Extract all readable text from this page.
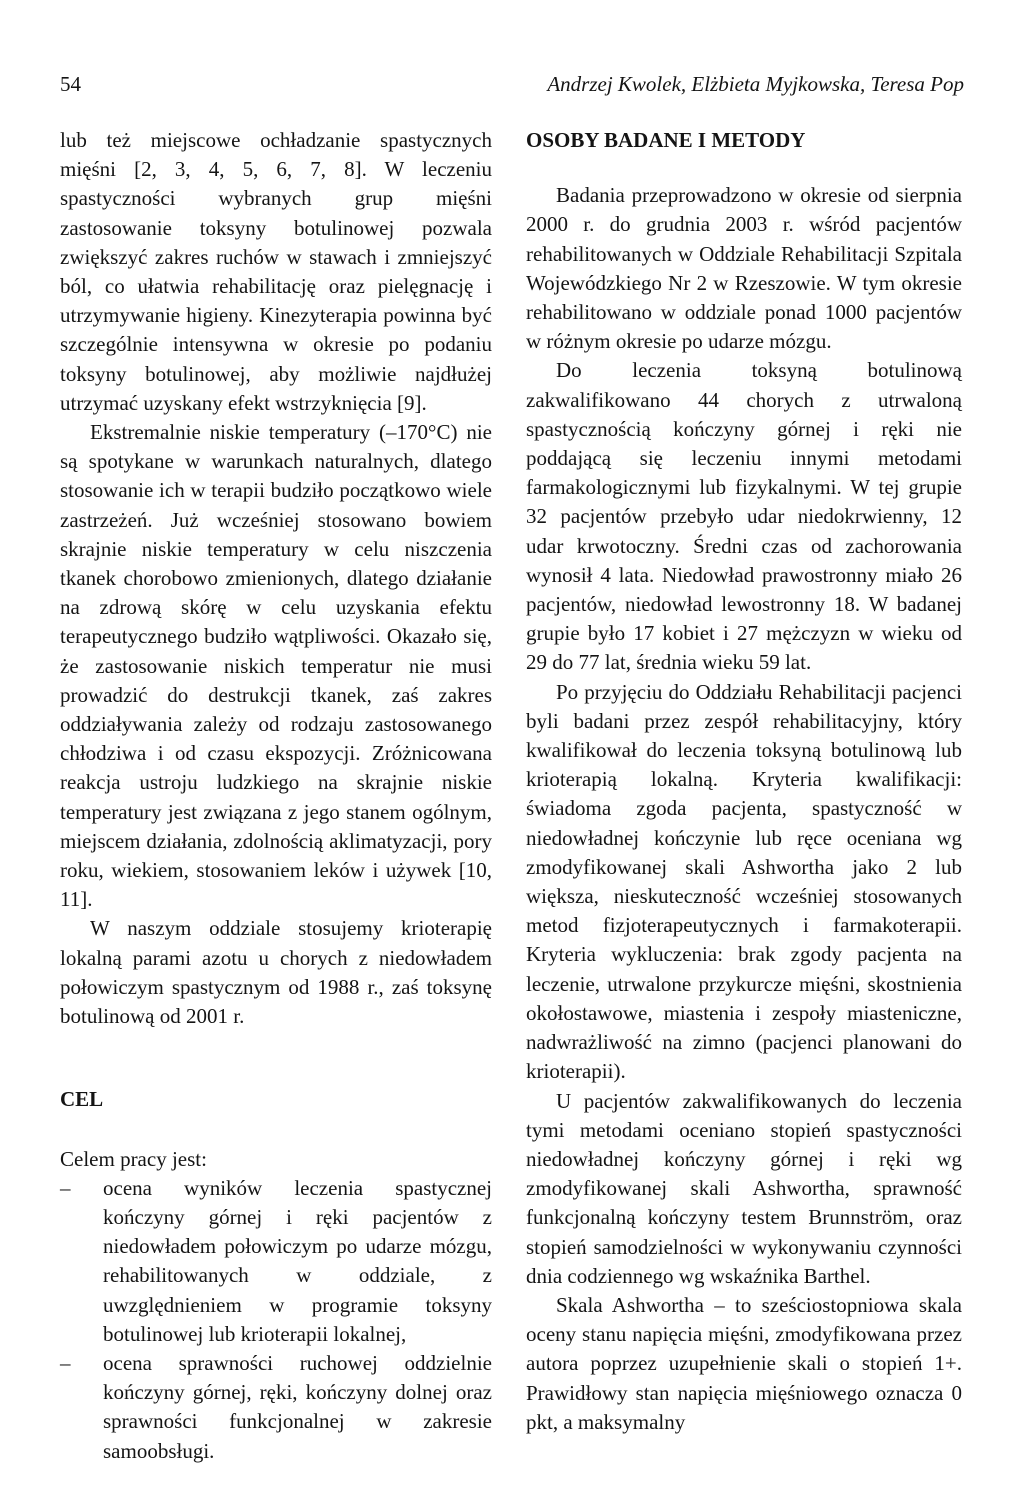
54	Andrzej Kwolek, Elżbieta Myjkowska, Teresa Pop

lub też miejscowe ochładzanie spastycznych mięśni [2, 3, 4, 5, 6, 7, 8]. W leczeniu spastyczności wybranych grup mięśni zastosowanie toksyny botulinowej pozwala zwiększyć zakres ruchów w stawach i zmniejszyć ból, co ułatwia rehabilitację oraz pielęgnację i utrzymywanie higieny. Kinezyterapia powinna być szczególnie intensywna w okresie po podaniu toksyny botulinowej, aby możliwie najdłużej utrzymać uzyskany efekt wstrzyknięcia [9].

Ekstremalnie niskie temperatury (–170°C) nie są spotykane w warunkach naturalnych, dlatego stosowanie ich w terapii budziło początkowo wiele zastrzeżeń. Już wcześniej stosowano bowiem skrajnie niskie temperatury w celu niszczenia tkanek chorobowo zmienionych, dlatego działanie na zdrową skórę w celu uzyskania efektu terapeutycznego budziło wątpliwości. Okazało się, że zastosowanie niskich temperatur nie musi prowadzić do destrukcji tkanek, zaś zakres oddziaływania zależy od rodzaju zastosowanego chłodziwa i od czasu ekspozycji. Zróżnicowana reakcja ustroju ludzkiego na skrajnie niskie temperatury jest związana z jego stanem ogólnym, miejscem działania, zdolnością aklimatyzacji, pory roku, wiekiem, stosowaniem leków i używek [10, 11].

W naszym oddziale stosujemy krioterapię lokalną parami azotu u chorych z niedowładem połowiczym spastycznym od 1988 r., zaś toksynę botulinową od 2001 r.

CEL

Celem pracy jest:

– ocena wyników leczenia spastycznej kończyny górnej i ręki pacjentów z niedowładem połowiczym po udarze mózgu, rehabilitowanych w oddziale, z uwzględnieniem w programie toksyny botulinowej lub krioterapii lokalnej,
– ocena sprawności ruchowej oddzielnie kończyny górnej, ręki, kończyny dolnej oraz sprawności funkcjonalnej w zakresie samoobsługi.
OSOBY BADANE I METODY

Badania przeprowadzono w okresie od sierpnia 2000 r. do grudnia 2003 r. wśród pacjentów rehabilitowanych w Oddziale Rehabilitacji Szpitala Wojewódzkiego Nr 2 w Rzeszowie. W tym okresie rehabilitowano w oddziale ponad 1000 pacjentów w różnym okresie po udarze mózgu.

Do leczenia toksyną botulinową zakwalifikowano 44 chorych z utrwaloną spastycznością kończyny górnej i ręki nie poddającą się leczeniu innymi metodami farmakologicznymi lub fizykalnymi. W tej grupie 32 pacjentów przebyło udar niedokrwienny, 12 udar krwotoczny. Średni czas od zachorowania wynosił 4 lata. Niedowład prawostronny miało 26 pacjentów, niedowład lewostronny 18. W badanej grupie było 17 kobiet i 27 mężczyzn w wieku od 29 do 77 lat, średnia wieku 59 lat.

Po przyjęciu do Oddziału Rehabilitacji pacjenci byli badani przez zespół rehabilitacyjny, który kwalifikował do leczenia toksyną botulinową lub krioterapią lokalną. Kryteria kwalifikacji: świadoma zgoda pacjenta, spastyczność w niedowładnej kończynie lub ręce oceniana wg zmodyfikowanej skali Ashwortha jako 2 lub większa, nieskuteczność wcześniej stosowanych metod fizjoterapeutycznych i farmakoterapii. Kryteria wykluczenia: brak zgody pacjenta na leczenie, utrwalone przykurcze mięśni, skostnienia okołostawowe, miastenia i zespoły miasteniczne, nadwrażliwość na zimno (pacjenci planowani do krioterapii).

U pacjentów zakwalifikowanych do leczenia tymi metodami oceniano stopień spastyczności niedowładnej kończyny górnej i ręki wg zmodyfikowanej skali Ashwortha, sprawność funkcjonalną kończyny testem Brunnström, oraz stopień samodzielności w wykonywaniu czynności dnia codziennego wg wskaźnika Barthel.

Skala Ashwortha – to sześciostopniowa skala oceny stanu napięcia mięśni, zmodyfikowana przez autora poprzez uzupełnienie skali o stopień 1+. Prawidłowy stan napięcia mięśniowego oznacza 0 pkt, a maksymalny
